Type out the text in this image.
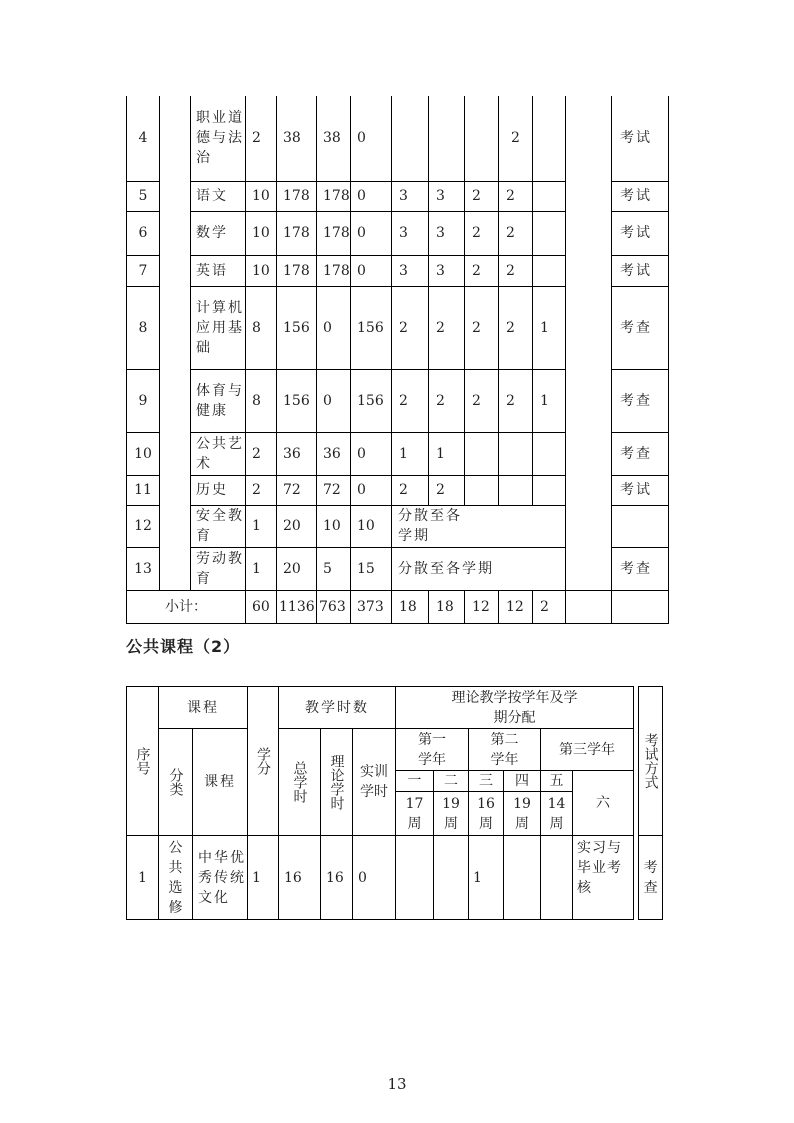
4		职业道德与法治	2	38	38	0				2			考试
5		语文	10	178	178	0	3	3	2	2			考试
6		数学	10	178	178	0	3	3	2	2			考试
7		英语	10	178	178	0	3	3	2	2			考试
8		计算机应用基础	8	156	0	156	2	2	2	2	1		考查
9		体育与健康	8	156	0	156	2	2	2	2	1		考查
10		公共艺术	2	36	36	0	1	1					考查
11		历史	2	72	72	0	2	2					考试
12		安全教育	1	20	10	10	分散至各学期						
13		劳动教育	1	20	5	15	分散至各学期						考查
小计：			60	1136	763	373	18	18	12	12	2		
公共课程（2）
序号	课程		学分	教学时数			理论教学按学年及学期分配							考试方式
	分类	课程		总学时	理论学时	实训学时	第一学年		第二学年		第三学年			
							一	二	三	四	五	六		
							17周	19周	16周	19周	14周			
1	公共选修	中华优秀传统文化	1	16	16	0			1			实习与毕业考核		考查
13
